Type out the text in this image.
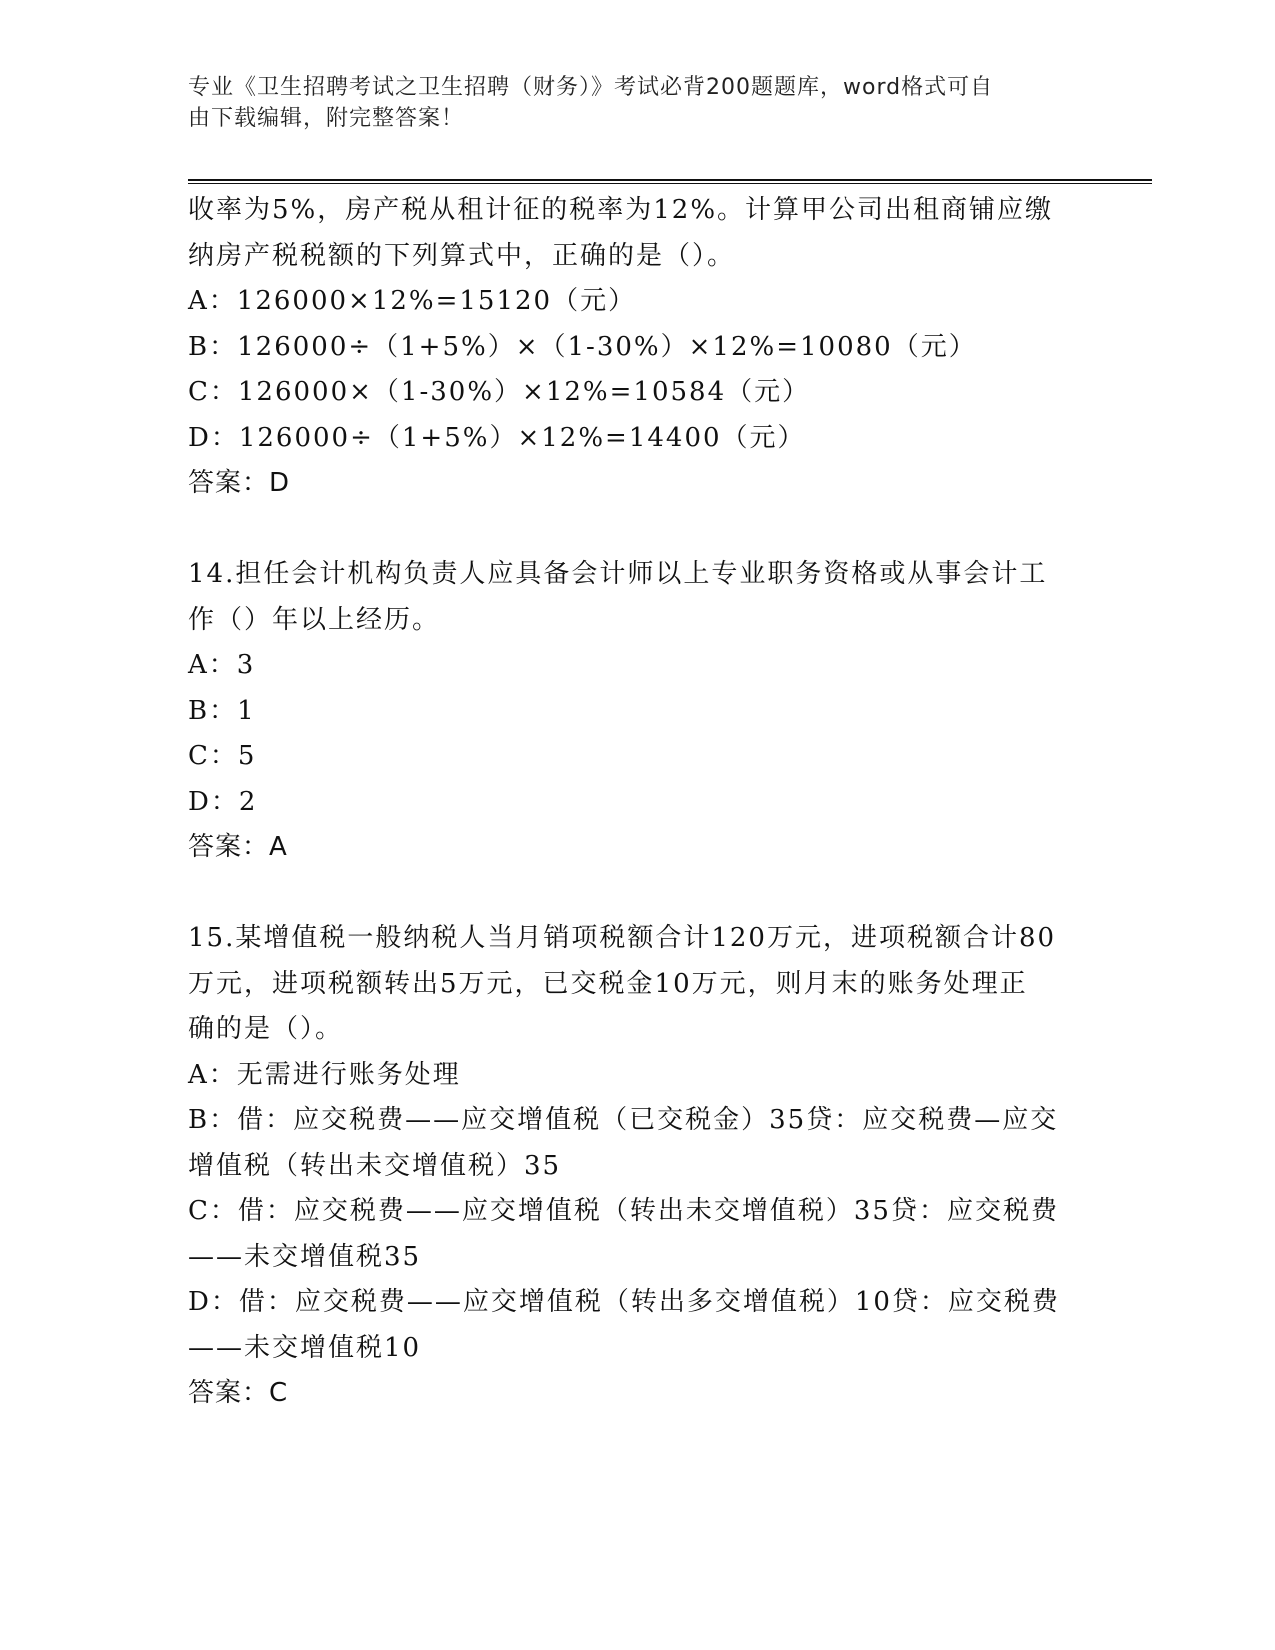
专业《卫生招聘考试之卫生招聘（财务）》考试必背200题题库，word格式可自
由下载编辑，附完整答案！
收率为5%，房产税从租计征的税率为12%。计算甲公司出租商铺应缴
纳房产税税额的下列算式中，正确的是（）。
A：126000×12%=15120（元）
B：126000÷（1+5%）×（1-30%）×12%=10080（元）
C：126000×（1-30%）×12%=10584（元）
D：126000÷（1+5%）×12%=14400（元）
答案：D
14.担任会计机构负责人应具备会计师以上专业职务资格或从事会计工
作（）年以上经历。
A：3
B：1
C：5
D：2
答案：A
15.某增值税一般纳税人当月销项税额合计120万元，进项税额合计80
万元，进项税额转出5万元，已交税金10万元，则月末的账务处理正
确的是（）。
A：无需进行账务处理
B：借：应交税费——应交增值税（已交税金）35贷：应交税费—应交
增值税（转出未交增值税）35
C：借：应交税费——应交增值税（转出未交增值税）35贷：应交税费
——未交增值税35
D：借：应交税费——应交增值税（转出多交增值税）10贷：应交税费
——未交增值税10
答案：C
